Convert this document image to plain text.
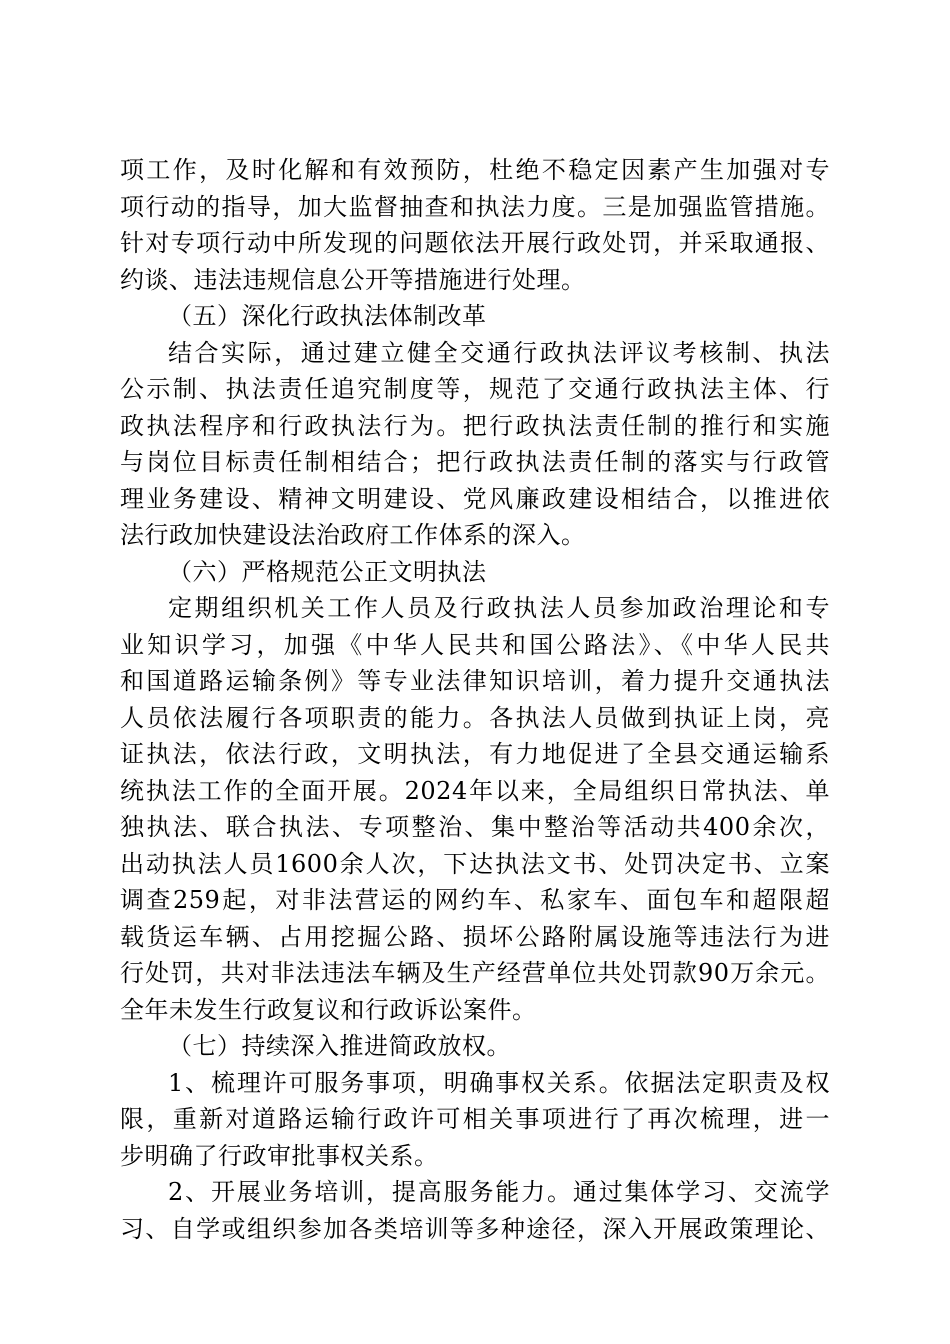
项工作，及时化解和有效预防，杜绝不稳定因素产生加强对专
项行动的指导，加大监督抽查和执法力度。三是加强监管措施。
针对专项行动中所发现的问题依法开展行政处罚，并采取通报、
约谈、违法违规信息公开等措施进行处理。
（五）深化行政执法体制改革
结合实际，通过建立健全交通行政执法评议考核制、执法
公示制、执法责任追究制度等，规范了交通行政执法主体、行
政执法程序和行政执法行为。把行政执法责任制的推行和实施
与岗位目标责任制相结合；把行政执法责任制的落实与行政管
理业务建设、精神文明建设、党风廉政建设相结合，以推进依
法行政加快建设法治政府工作体系的深入。
（六）严格规范公正文明执法
定期组织机关工作人员及行政执法人员参加政治理论和专
业知识学习，加强《中华人民共和国公路法》、《中华人民共
和国道路运输条例》等专业法律知识培训，着力提升交通执法
人员依法履行各项职责的能力。各执法人员做到执证上岗，亮
证执法，依法行政，文明执法，有力地促进了全县交通运输系
统执法工作的全面开展。2024年以来，全局组织日常执法、单
独执法、联合执法、专项整治、集中整治等活动共400余次，
出动执法人员1600余人次，下达执法文书、处罚决定书、立案
调查259起，对非法营运的网约车、私家车、面包车和超限超
载货运车辆、占用挖掘公路、损坏公路附属设施等违法行为进
行处罚，共对非法违法车辆及生产经营单位共处罚款90万余元。
全年未发生行政复议和行政诉讼案件。
（七）持续深入推进简政放权。
1、梳理许可服务事项，明确事权关系。依据法定职责及权
限，重新对道路运输行政许可相关事项进行了再次梳理，进一
步明确了行政审批事权关系。
2、开展业务培训，提高服务能力。通过集体学习、交流学
习、自学或组织参加各类培训等多种途径，深入开展政策理论、
